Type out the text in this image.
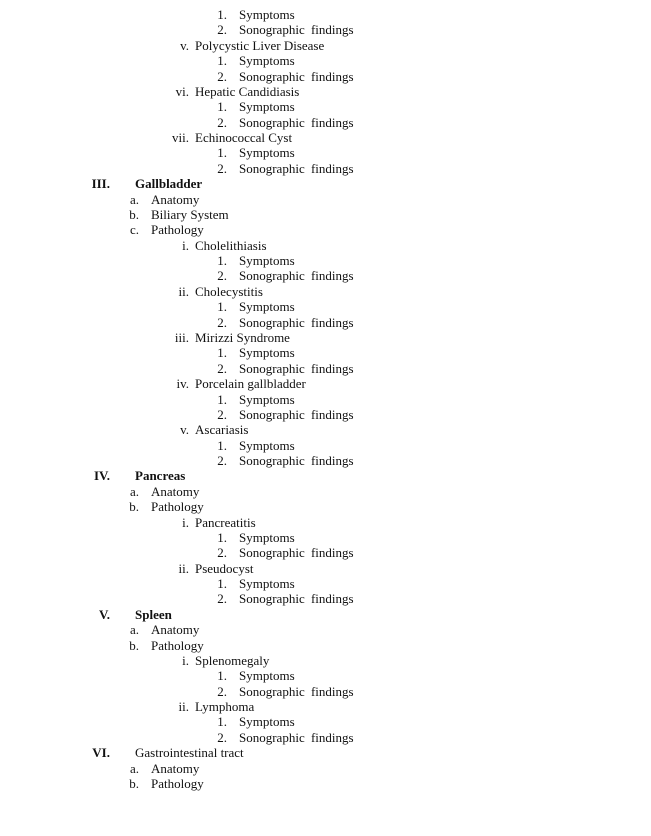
1. Symptoms
2. Sonographic findings
v. Polycystic Liver Disease
1. Symptoms
2. Sonographic findings
vi. Hepatic Candidiasis
1. Symptoms
2. Sonographic findings
vii. Echinococcal Cyst
1. Symptoms
2. Sonographic findings
III. Gallbladder
a. Anatomy
b. Biliary System
c. Pathology
i. Cholelithiasis
1. Symptoms
2. Sonographic findings
ii. Cholecystitis
1. Symptoms
2. Sonographic findings
iii. Mirizzi Syndrome
1. Symptoms
2. Sonographic findings
iv. Porcelain gallbladder
1. Symptoms
2. Sonographic findings
v. Ascariasis
1. Symptoms
2. Sonographic findings
IV. Pancreas
a. Anatomy
b. Pathology
i. Pancreatitis
1. Symptoms
2. Sonographic findings
ii. Pseudocyst
1. Symptoms
2. Sonographic findings
V. Spleen
a. Anatomy
b. Pathology
i. Splenomegaly
1. Symptoms
2. Sonographic findings
ii. Lymphoma
1. Symptoms
2. Sonographic findings
VI. Gastrointestinal tract
a. Anatomy
b. Pathology
